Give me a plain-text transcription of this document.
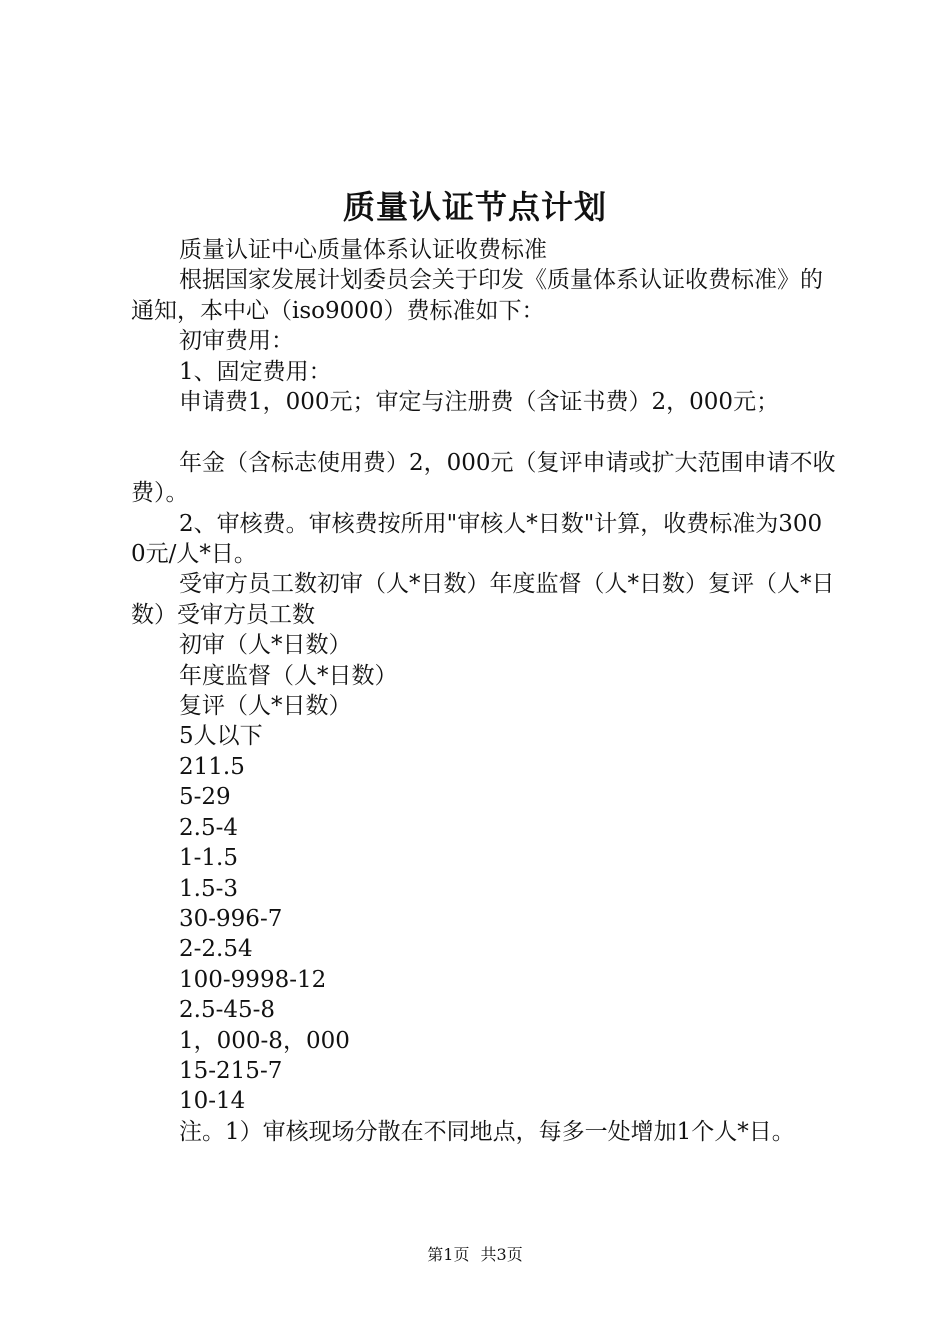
质量认证节点计划

质量认证中心质量体系认证收费标准

根据国家发展计划委员会关于印发《质量体系认证收费标准》的通知，本中心（iso9000）费标准如下：

初审费用：

1、固定费用：

申请费1，000元；审定与注册费（含证书费）2，000元；

年金（含标志使用费）2，000元（复评申请或扩大范围申请不收费）。

2、审核费。审核费按所用"审核人*日数"计算，收费标准为3000元/人*日。

受审方员工数初审（人*日数）年度监督（人*日数）复评（人*日数）受审方员工数

初审（人*日数）

年度监督（人*日数）

复评（人*日数）

5人以下

211.5

5-29

2.5-4

1-1.5

1.5-3

30-996-7

2-2.54

100-9998-12

2.5-45-8

1，000-8，000

15-215-7

10-14

注。1）审核现场分散在不同地点，每多一处增加1个人*日。

第1页 共3页
